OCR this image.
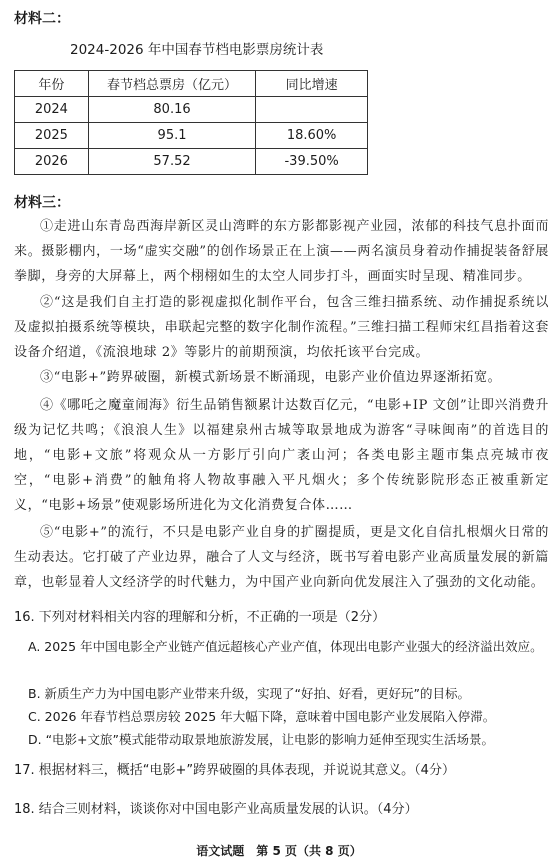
材料二：
2024-2026 年中国春节档电影票房统计表
年份	春节档总票房（亿元）	同比增速
2024	80.16	
2025	95.1	18.60%
2026	57.52	-39.50%
材料三：
①走进山东青岛西海岸新区灵山湾畔的东方影都影视产业园，浓郁的科技气息扑面而来。摄影棚内，一场“虚实交融”的创作场景正在上演——两名演员身着动作捕捉装备舒展拳脚，身旁的大屏幕上，两个栩栩如生的太空人同步打斗，画面实时呈现、精准同步。
②“这是我们自主打造的影视虚拟化制作平台，包含三维扫描系统、动作捕捉系统以及虚拟拍摄系统等模块，串联起完整的数字化制作流程。”三维扫描工程师宋红昌指着这套设备介绍道，《流浪地球 2》等影片的前期预演，均依托该平台完成。
③“电影+”跨界破圈，新模式新场景不断涌现，电影产业价值边界逐渐拓宽。
④《哪吒之魔童闹海》衍生品销售额累计达数百亿元，“电影+IP 文创”让即兴消费升级为记忆共鸣；《浪浪人生》以福建泉州古城等取景地成为游客“寻味闽南”的首选目的地，“电影+文旅”将观众从一方影厅引向广袤山河；各类电影主题市集点亮城市夜空，“电影+消费”的触角将人物故事融入平凡烟火；多个传统影院形态正被重新定义，“电影+场景”使观影场所进化为文化消费复合体……
⑤“电影+”的流行，不只是电影产业自身的扩圈提质，更是文化自信扎根烟火日常的生动表达。它打破了产业边界，融合了人文与经济，既书写着电影产业高质量发展的新篇章，也彰显着人文经济学的时代魅力，为中国产业向新向优发展注入了强劲的文化动能。
16. 下列对材料相关内容的理解和分析，不正确的一项是（2分）
A. 2025 年中国电影全产业链产值远超核心产业产值，体现出电影产业强大的经济溢出效应。
B. 新质生产力为中国电影产业带来升级，实现了“好拍、好看，更好玩”的目标。
C. 2026 年春节档总票房较 2025 年大幅下降，意味着中国电影产业发展陷入停滞。
D. “电影+文旅”模式能带动取景地旅游发展，让电影的影响力延伸至现实生活场景。
17. 根据材料三，概括“电影+”跨界破圈的具体表现，并说说其意义。（4分）
18. 结合三则材料，谈谈你对中国电影产业高质量发展的认识。（4分）
语文试题　第 5 页（共 8 页）
